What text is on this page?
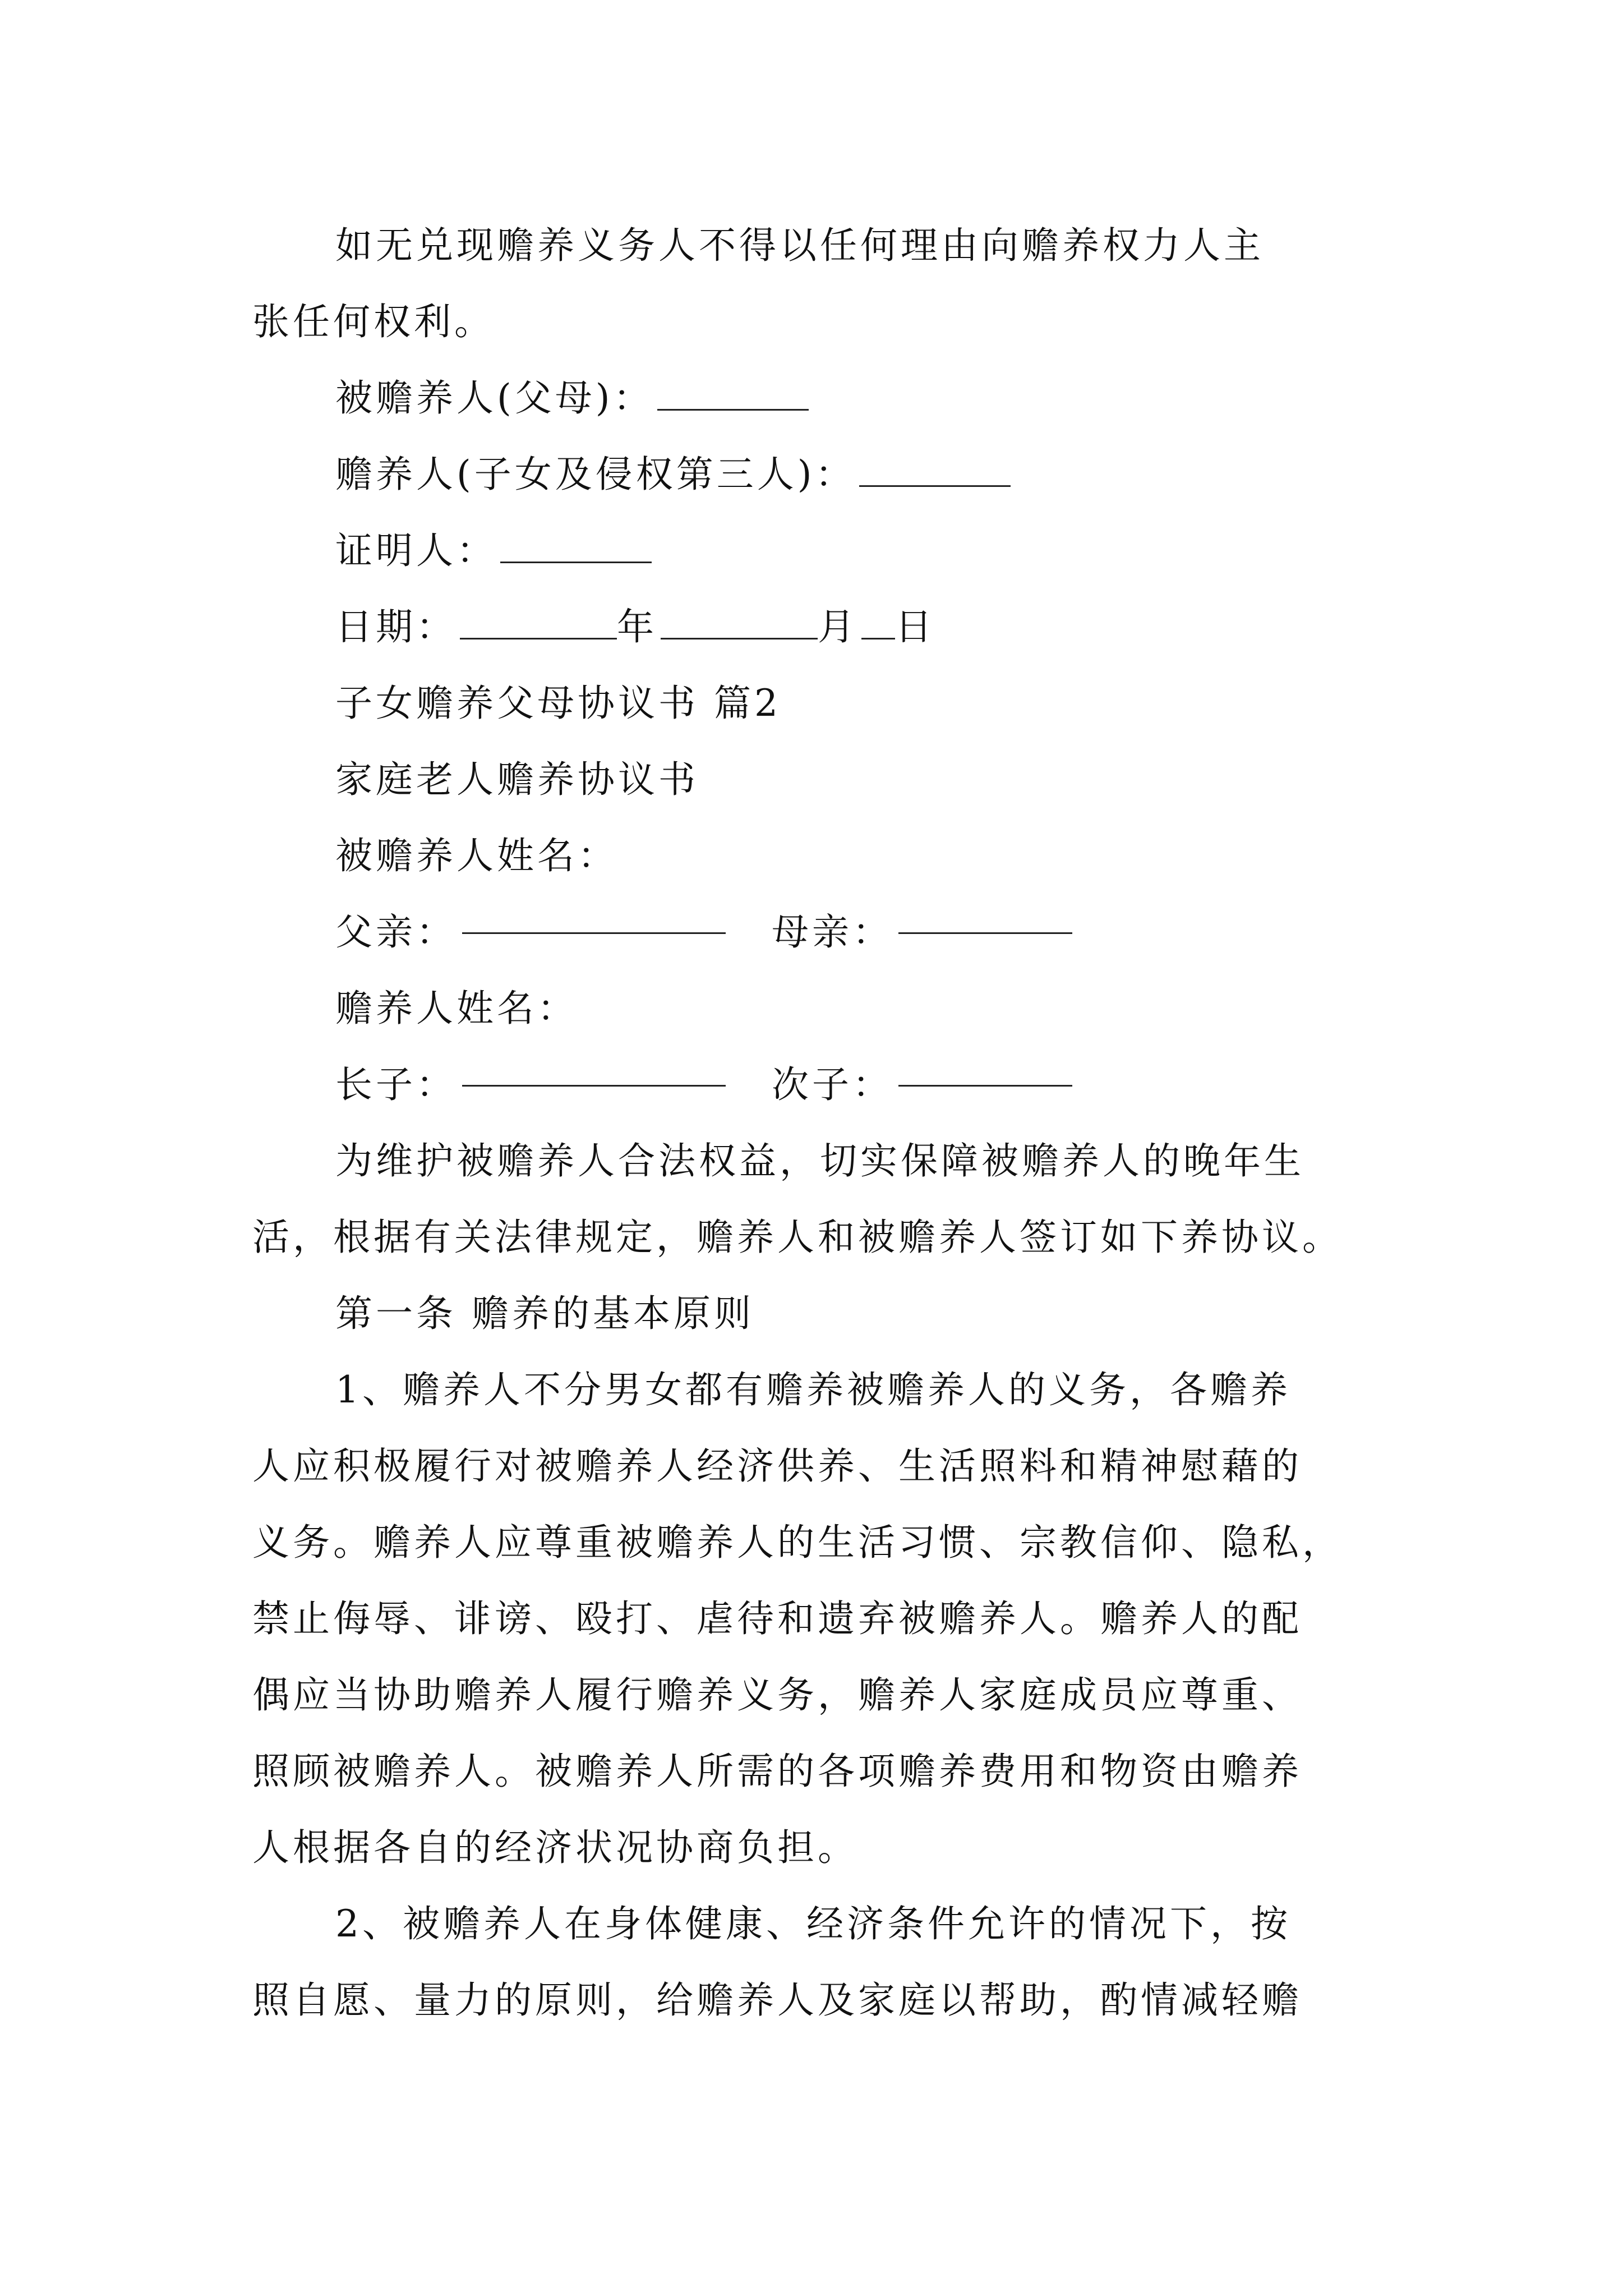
如无兑现赡养义务人不得以任何理由向赡养权力人主
张任何权利。
被赡养人(父母)：
赡养人(子女及侵权第三人)：
证明人：
日期：	年	月 日
子女赡养父母协议书 篇2
家庭老人赡养协议书
被赡养人姓名：
父亲：	母亲：
赡养人姓名：
长子：	次子：
为维护被赡养人合法权益，切实保障被赡养人的晚年生
活，根据有关法律规定，赡养人和被赡养人签订如下养协议。
第一条 赡养的基本原则
1、赡养人不分男女都有赡养被赡养人的义务，各赡养
人应积极履行对被赡养人经济供养、生活照料和精神慰藉的
义务。赡养人应尊重被赡养人的生活习惯、宗教信仰、隐私，
禁止侮辱、诽谤、殴打、虐待和遗弃被赡养人。赡养人的配
偶应当协助赡养人履行赡养义务，赡养人家庭成员应尊重、
照顾被赡养人。被赡养人所需的各项赡养费用和物资由赡养
人根据各自的经济状况协商负担。
2、被赡养人在身体健康、经济条件允许的情况下，按
照自愿、量力的原则，给赡养人及家庭以帮助，酌情减轻赡
